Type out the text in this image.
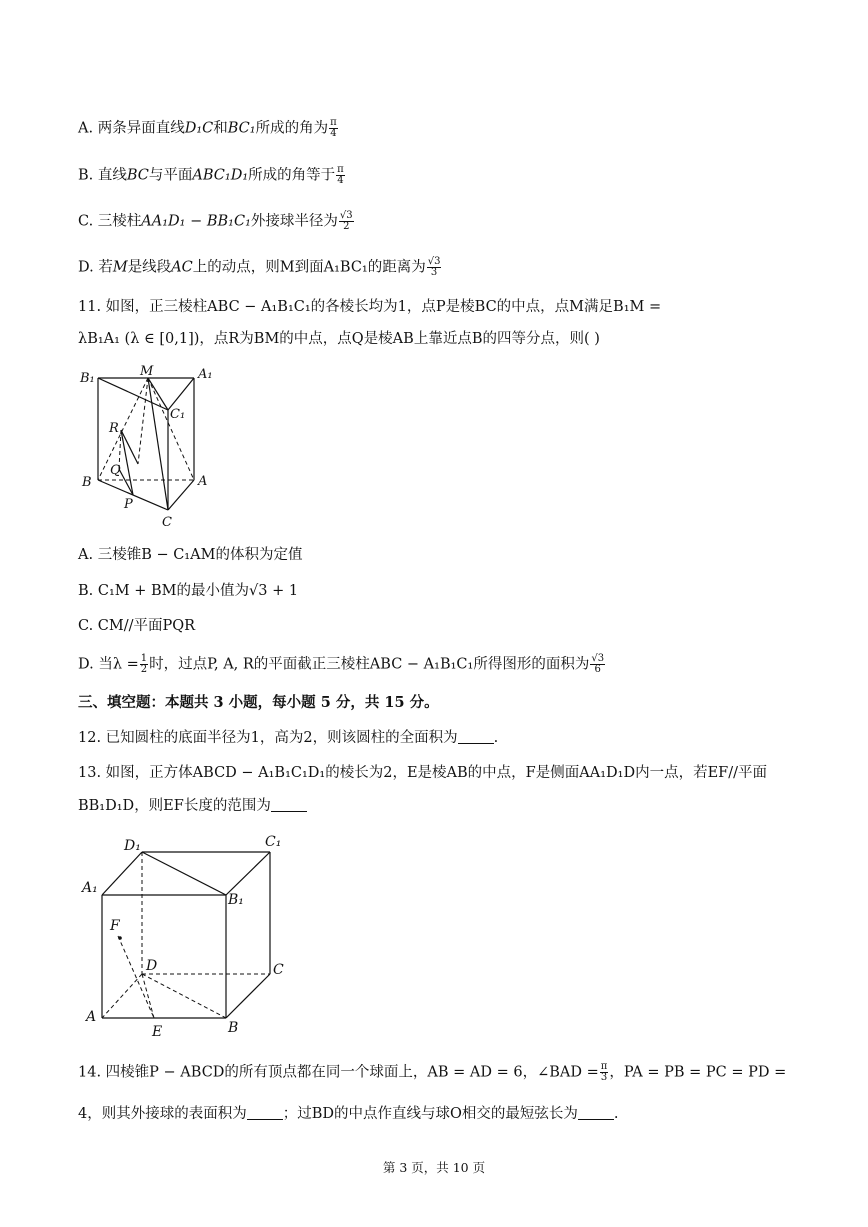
A. 两条异面直线D₁C和BC₁所成的角为 $\frac{\pi}{4}$
B. 直线BC与平面ABC₁D₁所成的角等于 $\frac{\pi}{4}$
C. 三棱柱AA₁D₁ − BB₁C₁外接球半径为 $\frac{√3}{2}$
D. 若M是线段AC上的动点，则M到面A₁BC₁的距离为 $\frac{√3}{3}$
11. 如图，正三棱柱ABC − A₁B₁C₁的各棱长均为1，点P是棱BC的中点，点M满足B₁M =
λB₁A₁ (λ ∈ [0,1])，点R为BM的中点，点Q是棱AB上靠近点B的四等分点，则( )
B₁	M	A₁
C₁
R
Q
B	A
P
C
A. 三棱锥B − C₁AM的体积为定值
B. C₁M + BM的最小值为√3 + 1
C. CM//平面PQR
D. 当$\lambda = \frac{1}{2}$ 时，过点P, A, R的平面截正三棱柱ABC − A₁B₁C₁所得图形的面积为 $\frac{√3}{6}$
三、填空题：本题共 3 小题，每小题 5 分，共 15 分。
12. 已知圆柱的底面半径为1，高为2，则该圆柱的全面积为 .
13. 如图，正方体ABCD − A₁B₁C₁D₁的棱长为2，E是棱AB的中点，F是侧面AA₁D₁D内一点，若EF//平面
BB₁D₁D，则EF长度的范围为
D₁	C₁
A₁
B₁
F
D	C
A
E	B
14. 四棱锥P − ABCD的所有顶点都在同一个球面上，AB = AD = 6，∠BAD = $\frac{\pi}{3}$ ，PA = PB = PC = PD =
4，则其外接球的表面积为 ；过BD的中点作直线与球O相交的最短弦长为 .
第 3 页，共 10 页
